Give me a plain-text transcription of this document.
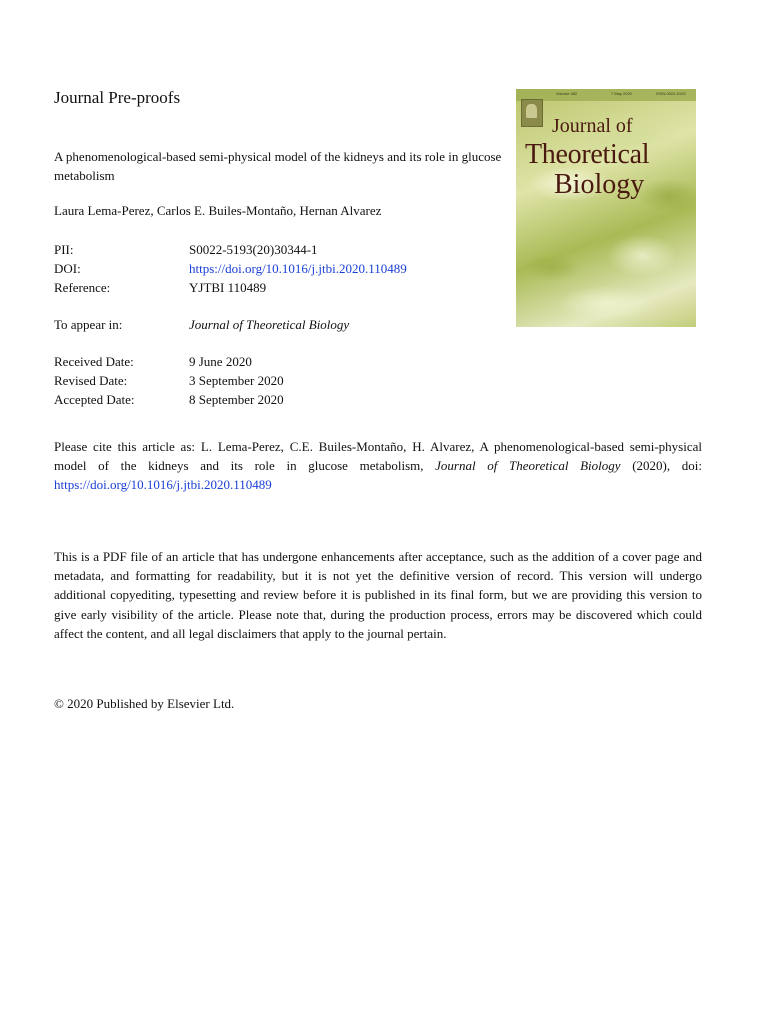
Journal Pre-proofs	Volume 482	7 May 2020	ISSN 0022-5193
Journal of
Theoretical
Biology
A phenomenological-based semi-physical model of the kidneys and its role in glucose metabolism
Laura Lema-Perez, Carlos E. Builes-Montaño, Hernan Alvarez
PII:	S0022-5193(20)30344-1
DOI:	https://doi.org/10.1016/j.jtbi.2020.110489
Reference:	YJTBI 110489
To appear in:	Journal of Theoretical Biology
Received Date:	9 June 2020
Revised Date:	3 September 2020
Accepted Date:	8 September 2020
Please cite this article as: L. Lema-Perez, C.E. Builes-Montaño, H. Alvarez, A phenomenological-based semi-physical model of the kidneys and its role in glucose metabolism, Journal of Theoretical Biology (2020), doi: https://doi.org/10.1016/j.jtbi.2020.110489
This is a PDF file of an article that has undergone enhancements after acceptance, such as the addition of a cover page and metadata, and formatting for readability, but it is not yet the definitive version of record. This version will undergo additional copyediting, typesetting and review before it is published in its final form, but we are providing this version to give early visibility of the article. Please note that, during the production process, errors may be discovered which could affect the content, and all legal disclaimers that apply to the journal pertain.
© 2020 Published by Elsevier Ltd.
